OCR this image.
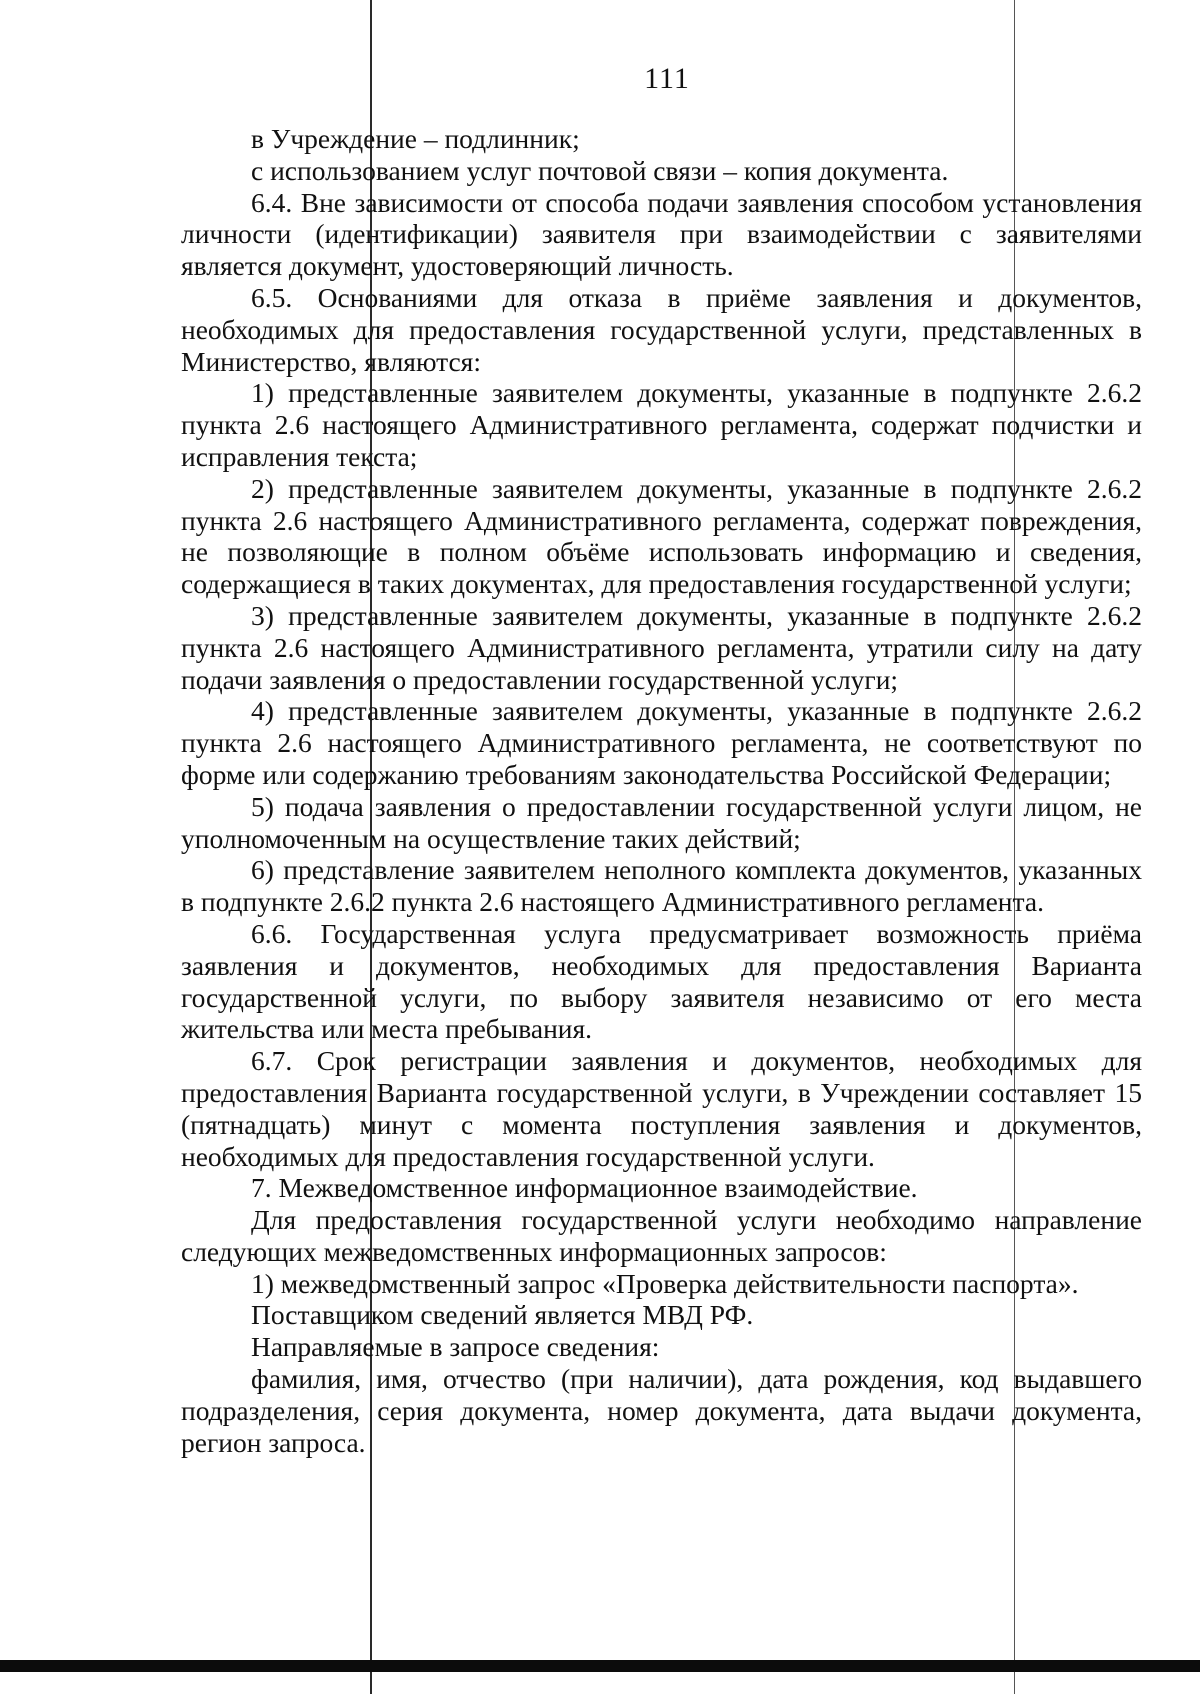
111

в Учреждение – подлинник;

с использованием услуг почтовой связи – копия документа.

6.4. Вне зависимости от способа подачи заявления способом установления личности (идентификации) заявителя при взаимодействии с заявителями является документ, удостоверяющий личность.

6.5. Основаниями для отказа в приёме заявления и документов, необходимых для предоставления государственной услуги, представленных в Министерство, являются:

1) представленные заявителем документы, указанные в подпункте 2.6.2 пункта 2.6 настоящего Административного регламента, содержат подчистки и исправления текста;

2) представленные заявителем документы, указанные в подпункте 2.6.2 пункта 2.6 настоящего Административного регламента, содержат повреждения, не позволяющие в полном объёме использовать информацию и сведения, содержащиеся в таких документах, для предоставления государственной услуги;

3) представленные заявителем документы, указанные в подпункте 2.6.2 пункта 2.6 настоящего Административного регламента, утратили силу на дату подачи заявления о предоставлении государственной услуги;

4) представленные заявителем документы, указанные в подпункте 2.6.2 пункта 2.6 настоящего Административного регламента, не соответствуют по форме или содержанию требованиям законодательства Российской Федерации;

5) подача заявления о предоставлении государственной услуги лицом, не уполномоченным на осуществление таких действий;

6) представление заявителем неполного комплекта документов, указанных в подпункте 2.6.2 пункта 2.6 настоящего Административного регламента.

6.6. Государственная услуга предусматривает возможность приёма заявления и документов, необходимых для предоставления Варианта государственной услуги, по выбору заявителя независимо от его места жительства или места пребывания.

6.7. Срок регистрации заявления и документов, необходимых для предоставления Варианта государственной услуги, в Учреждении составляет 15 (пятнадцать) минут с момента поступления заявления и документов, необходимых для предоставления государственной услуги.

7. Межведомственное информационное взаимодействие.

Для предоставления государственной услуги необходимо направление следующих межведомственных информационных запросов:

1) межведомственный запрос «Проверка действительности паспорта».

Поставщиком сведений является МВД РФ.

Направляемые в запросе сведения:

фамилия, имя, отчество (при наличии), дата рождения, код выдавшего подразделения, серия документа, номер документа, дата выдачи документа, регион запроса.
